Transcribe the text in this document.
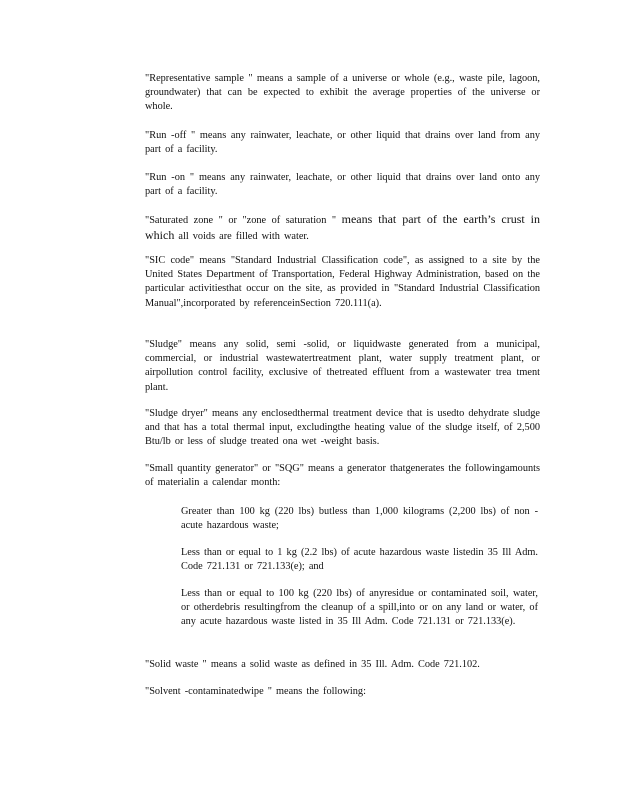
"Representative sample " means a sample of a universe or whole (e.g., waste pile, lagoon, groundwater) that can be expected to exhibit the average properties of the universe or whole.

"Run -off " means any rainwater, leachate, or other liquid that drains over land from any part of a facility.

"Run -on " means any rainwater, leachate, or other liquid that drains over land onto any part of a facility.

"Saturated zone " or "zone of saturation " means that part of the earth’s crust in which all voids are filled with water.

"SIC code" means "Standard Industrial Classification code", as assigned to a site by the United States Department of Transportation, Federal Highway Administration, based on the particular activitiesthat occur on the site, as provided in "Standard Industrial Classification Manual",incorporated by referenceinSection 720.111(a).

"Sludge" means any solid, semi -solid, or liquidwaste generated from a municipal, commercial, or industrial wastewatertreatment plant, water supply treatment plant, or airpollution control facility, exclusive of thetreated effluent from a wastewater trea tment plant.

"Sludge dryer" means any enclosedthermal treatment device that is usedto dehydrate sludge and that has a total thermal input, excludingthe heating value of the sludge itself, of 2,500 Btu/lb or less of sludge treated ona wet -weight basis.

"Small quantity generator" or "SQG" means a generator thatgenerates the followingamounts of materialin a calendar month:

Greater than 100 kg (220 lbs) butless than 1,000 kilograms (2,200 lbs) of non -acute hazardous waste;

Less than or equal to 1 kg (2.2 lbs) of acute hazardous waste listedin 35 Ill Adm. Code 721.131 or 721.133(e); and

Less than or equal to 100 kg (220 lbs) of anyresidue or contaminated soil, water, or otherdebris resultingfrom the cleanup of a spill,into or on any land or water, of any acute hazardous waste listed in 35 Ill Adm. Code 721.131 or 721.133(e).

"Solid waste " means a solid waste as defined in 35 Ill. Adm. Code 721.102.

"Solvent -contaminatedwipe " means the following:
